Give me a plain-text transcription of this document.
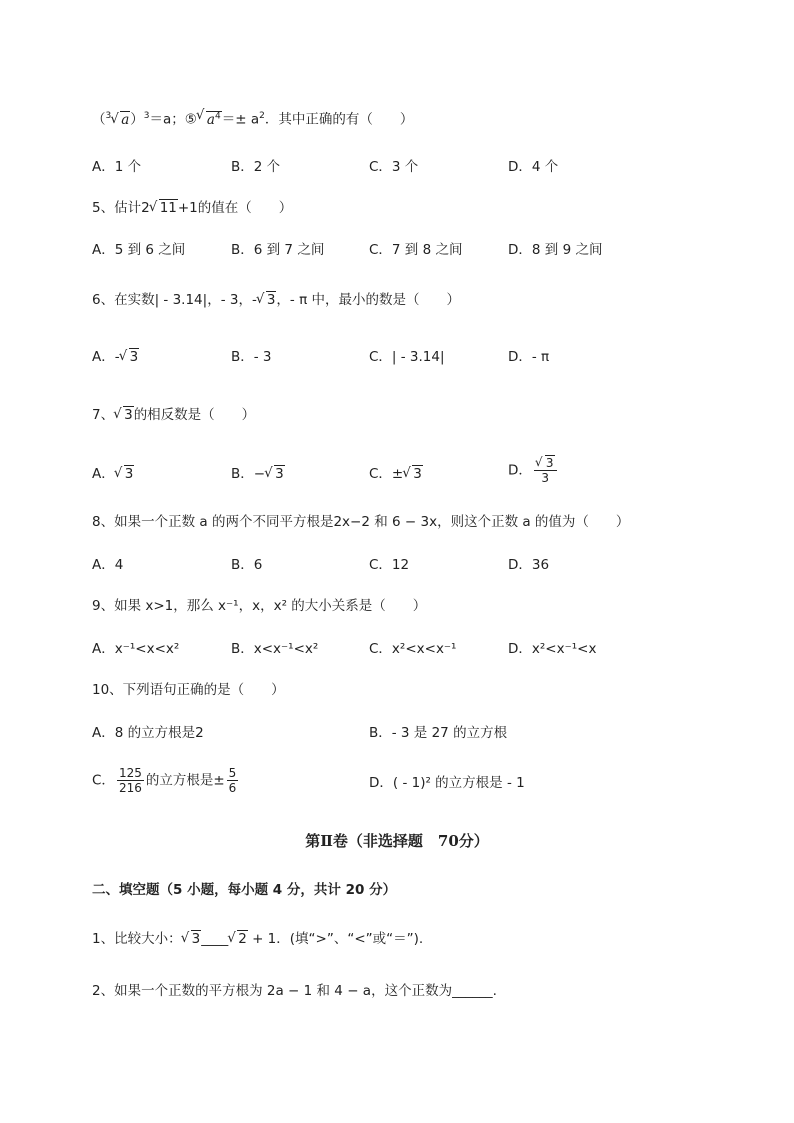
（$^3$ √ a）$^3$＝a；⑤ √ $a^4=\pm a^2$．其中正确的有（　　）
A．1 个	B．2 个	C．3 个	D．4 个
5、估计2 √ 11+1的值在（　　）
A．5 到 6 之间	B．6 到 7 之间	C．7 到 8 之间	D．8 到 9 之间
6、在实数| - 3.14|，- 3，- √ 3，- π 中，最小的数是（　　）
A．- √ 3	B．- 3	C．| - 3.14|	D．- π
7、 √ 3的相反数是（　　）
A． √ 3	B．− √ 3	C．± √ 3	D． √ $\frac{3}{3}$
8、如果一个正数 a 的两个不同平方根是2x−2 和 6 − 3x，则这个正数 a 的值为（　　）
A．4	B．6	C．12	D．36
9、如果 x>1，那么 x⁻¹，x，x² 的大小关系是（　　）
A．x⁻¹<x<x²	B．x<x⁻¹<x²	C．x²<x<x⁻¹	D．x²<x⁻¹<x
10、下列语句正确的是（　　）
A．8 的立方根是2	B．- 3 是 27 的立方根
C． $\frac{125}{216}$ 的立方根是± $\frac{5}{6}$	D．( - 1)² 的立方根是 - 1
第Ⅱ卷（非选择题　70分）
二、填空题（5 小题，每小题 4 分，共计 20 分）
1、比较大小： √ 3____ √ 2 + 1．(填“>”、“<”或“＝”).
2、如果一个正数的平方根为 2a − 1 和 4 − a，这个正数为______.
